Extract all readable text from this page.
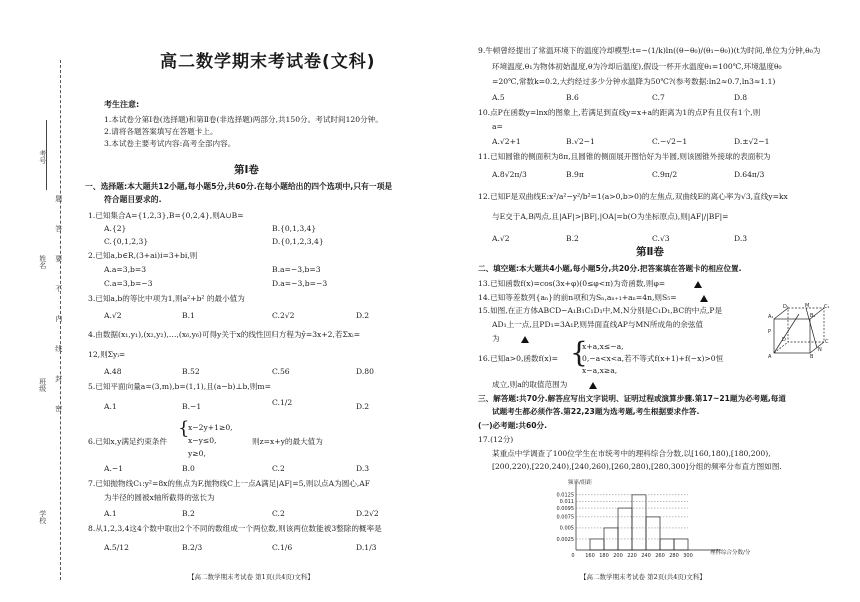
考号
姓名
班级
学校
题
答
要
不
内
线
封
密
高二数学期末考试卷(文科)
考生注意:
1.本试卷分第Ⅰ卷(选择题)和第Ⅱ卷(非选择题)两部分,共150分。考试时间120分钟。
2.请将各题答案填写在答题卡上。
3.本试卷主要考试内容:高考全部内容。
第Ⅰ卷
一、选择题:本大题共12小题,每小题5分,共60分.在每小题给出的四个选项中,只有一项是
符合题目要求的.
1.已知集合A={1,2,3},B={0,2,4},则A∪B=
A.{2}	B.{0,1,3,4}
C.{0,1,2,3}	D.{0,1,2,3,4}
2.已知a,b∈R,(3+ai)i=3+bi,则
A.a=3,b=3	B.a=−3,b=3
C.a=3,b=−3	D.a=−3,b=−3
3.已知a,b的等比中项为1,则a²+b² 的最小值为
A.√2	B.1	C.2√2	D.2
4.由数据(x₁,y₁),(x₂,y₂),…,(x₆,y₆)可得y关于x的线性回归方程为ŷ=3x+2,若Σxᵢ=
12,则Σyᵢ=
A.48	B.52	C.56	D.80
5.已知平面向量a=(3,m),b=(1,1),且(a−b)⊥b,则m=
A.1	B.−1	C.1/2	D.2
6.已知x,y满足约束条件
{
x−2y+1≥0,
x−y≤0,
y≥0,
则z=x+y的最大值为
A.−1	B.0	C.2	D.3
7.已知抛物线C₁:y²=8x的焦点为F,抛物线C上一点A满足|AF|=5,则以点A为圆心,AF
为半径的圆被x轴所截得的弦长为
A.1	B.2	C.2	D.2√2
8.从1,2,3,4这4个数中取出2个不同的数组成一个两位数,则该两位数能被3整除的概率是
A.5/12	B.2/3	C.1/6	D.1/3
【高二数学期末考试卷 第1页(共4页)文科】
9.牛顿曾经提出了常温环境下的温度冷却模型:t=−(1/k)ln((θ−θ₀)/(θ₁−θ₀))(t为时间,单位为分钟,θ₀为
环境温度,θ₁为物体初始温度,θ为冷却后温度),假设一杯开水温度θ₁=100℃,环境温度θ₀
=20℃,常数k=0.2,大约经过多少分钟水温降为50℃?(参考数据:ln2≈0.7,ln3≈1.1)
A.5	B.6	C.7	D.8
10.点P在函数y=lnx的图象上,若满足到直线y=x+a的距离为1的点P有且仅有1个,则
a=
A.√2+1	B.√2−1	C.−√2−1	D.±√2−1
11.已知圆锥的侧面积为8π,且圆锥的侧面展开图恰好为半圆,则该圆锥外接球的表面积为
A.8√2π/3	B.9π	C.9π/2	D.64π/3
12.已知F是双曲线E:x²/a²−y²/b²=1(a>0,b>0)的左焦点,双曲线E的离心率为√3,直线y=kx
与E交于A,B两点,且|AF|>|BF|,|OA|=b(O为坐标原点),则|AF|/|BF|=
A.√2	B.2	C.√3	D.3
第Ⅱ卷
二、填空题:本大题共4小题,每小题5分,共20分.把答案填在答题卡的相应位置.
13.已知函数f(x)=cos(3x+φ)(0≤φ<π)为奇函数,则φ=
14.已知等差数列{aₙ}的前n项和为Sₙ,aₙ₊₁+aₙ=4n,则S₅=
15.如图,在正方体ABCD−A₁B₁C₁D₁中,M,N分别是C₁D₁,BC的中点,P是
AD₁上一点,且PD₁=3A₁P,则异面直线AP与MN所成角的余弦值
为
D₁	C₁
A₁	B₁
D	C
A	B
M
P
N
16.已知a>0,函数f(x)= {
x+a,x≤−a,
0,−a<x<a,若不等式f(x+1)+f(−x)>0恒
x−a,x≥a,
成立,则a的取值范围为
三、解答题:共70分.解答应写出文字说明、证明过程或演算步骤.第17~21题为必考题,每道
试题考生都必须作答.第22,23题为选考题,考生根据要求作答.
(一)必考题:共60分.
17.(12分)
某重点中学调查了100位学生在市统考中的理科综合分数,以[160,180),[180,200),
[200,220),[220,240),[240,260),[260,280),[280,300]分组的频率分布直方图如图.
频率/组距
理科综合分数/分
0.0025
0.005
0.0075
0.0095
0.011
0.0125
0 160 180 200 220 240 260 280 300
【高二数学期末考试卷 第2页(共4页)文科】
